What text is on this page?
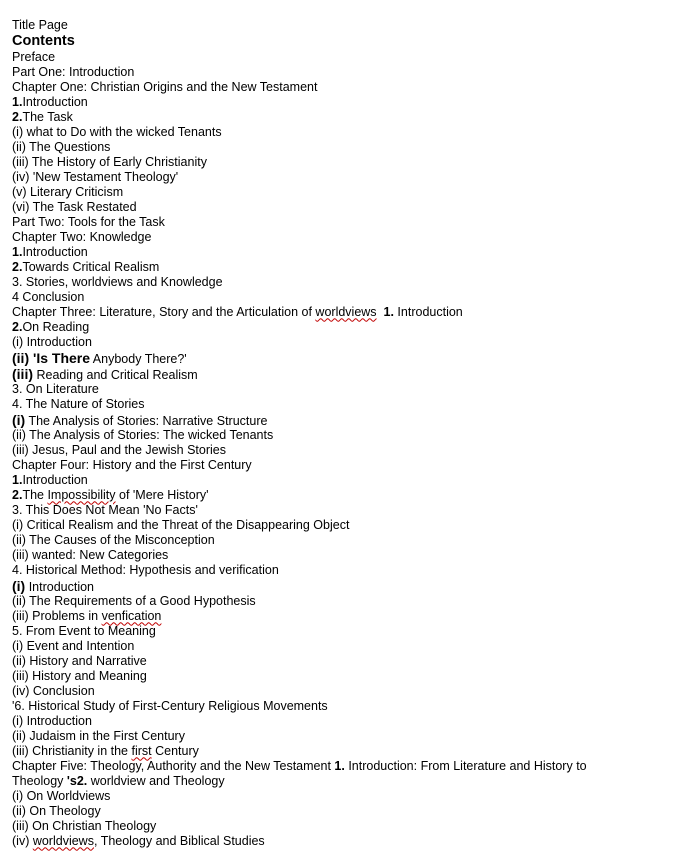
Title Page
Contents
Preface
Part One: Introduction
Chapter One: Christian Origins and the New Testament
1.Introduction
2.The Task
(i) what to Do with the wicked Tenants
(ii) The Questions
(iii) The History of Early Christianity
(iv) 'New Testament Theology'
(v) Literary Criticism
(vi) The Task Restated
Part Two: Tools for the Task
Chapter Two: Knowledge
1.Introduction
2.Towards Critical Realism
3. Stories, worldviews and Knowledge
4 Conclusion
Chapter Three: Literature, Story and the Articulation of worldviews 1. Introduction
2.On Reading
(i) Introduction
(ii) 'Is There Anybody There?'
(iii) Reading and Critical Realism
3. On Literature
4. The Nature of Stories
(i) The Analysis of Stories: Narrative Structure
(ii) The Analysis of Stories: The wicked Tenants
(iii) Jesus, Paul and the Jewish Stories
Chapter Four: History and the First Century
1.Introduction
2.The Impossibility of 'Mere History'
3. This Does Not Mean 'No Facts'
(i) Critical Realism and the Threat of the Disappearing Object
(ii) The Causes of the Misconception
(iii) wanted: New Categories
4. Historical Method: Hypothesis and verification
(i) Introduction
(ii) The Requirements of a Good Hypothesis
(iii) Problems in venfication
5. From Event to Meaning
(i) Event and Intention
(ii) History and Narrative
(iii) History and Meaning
(iv) Conclusion
'6. Historical Study of First-Century Religious Movements
(i) Introduction
(ii) Judaism in the First Century
(iii) Christianity in the first Century
Chapter Five: Theology, Authority and the New Testament 1. Introduction: From Literature and History to
Theology 's2. worldview and Theology
(i) On Worldviews
(ii) On Theology
(iii) On Christian Theology
(iv) worldviews, Theology and Biblical Studies
